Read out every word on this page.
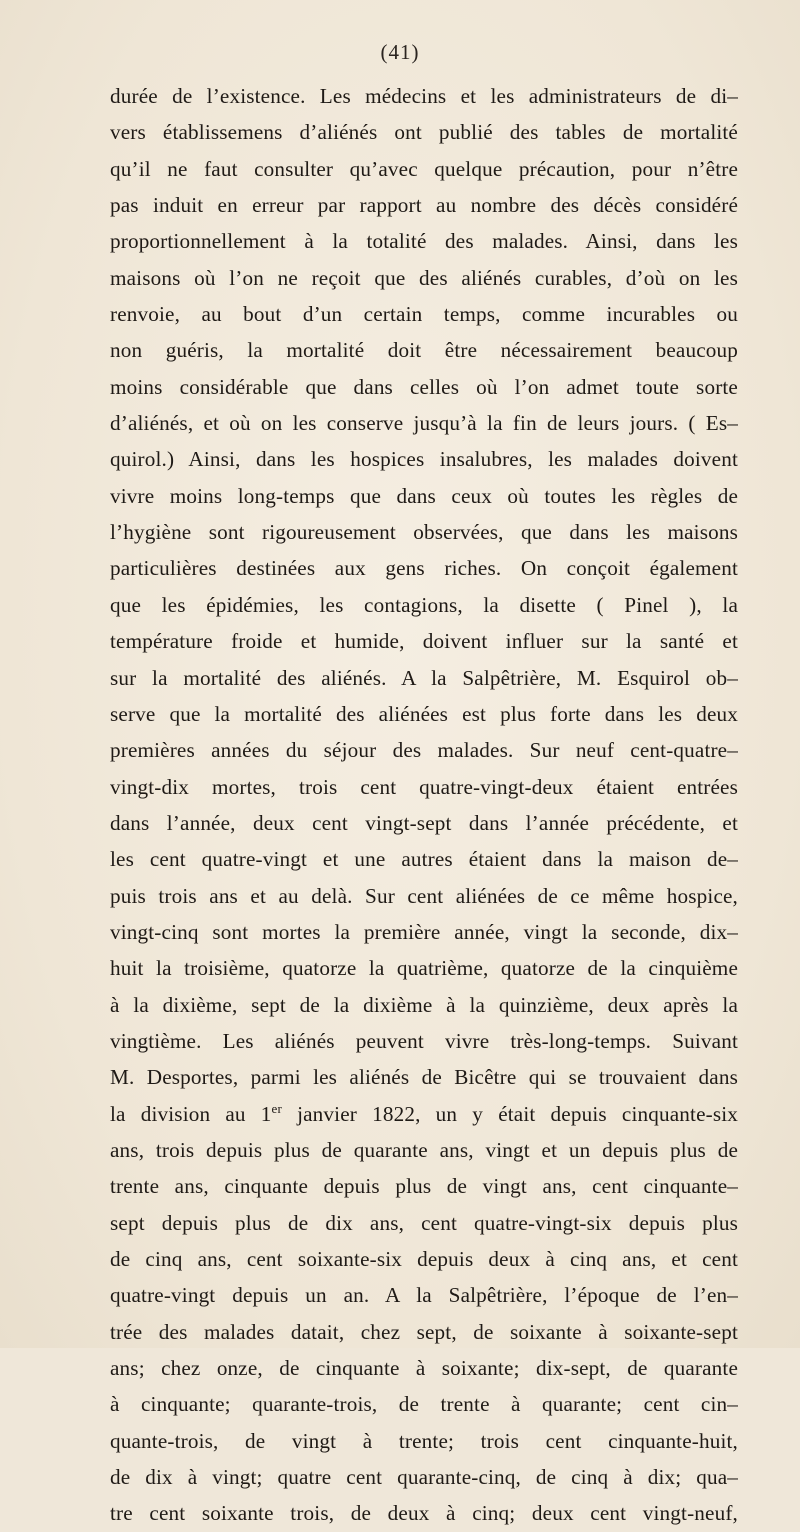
(41)
durée de l’existence. Les médecins et les administrateurs de di–
vers établissemens d’aliénés ont publié des tables de mortalité
qu’il ne faut consulter qu’avec quelque précaution, pour n’être
pas induit en erreur par rapport au nombre des décès considéré
proportionnellement à la totalité des malades. Ainsi, dans les
maisons où l’on ne reçoit que des aliénés curables, d’où on les
renvoie, au bout d’un certain temps, comme incurables ou
non guéris, la mortalité doit être nécessairement beaucoup
moins considérable que dans celles où l’on admet toute sorte
d’aliénés, et où on les conserve jusqu’à la fin de leurs jours. ( Es–
quirol.) Ainsi, dans les hospices insalubres, les malades doivent
vivre moins long-temps que dans ceux où toutes les règles de
l’hygiène sont rigoureusement observées, que dans les maisons
particulières destinées aux gens riches. On conçoit également
que les épidémies, les contagions, la disette ( Pinel ), la
température froide et humide, doivent influer sur la santé et
sur la mortalité des aliénés. A la Salpêtrière, M. Esquirol ob–
serve que la mortalité des aliénées est plus forte dans les deux
premières années du séjour des malades. Sur neuf cent-quatre–
vingt-dix mortes, trois cent quatre-vingt-deux étaient entrées
dans l’année, deux cent vingt-sept dans l’année précédente, et
les cent quatre-vingt et une autres étaient dans la maison de–
puis trois ans et au delà. Sur cent aliénées de ce même hospice,
vingt-cinq sont mortes la première année, vingt la seconde, dix–
huit la troisième, quatorze la quatrième, quatorze de la cinquième
à la dixième, sept de la dixième à la quinzième, deux après la
vingtième. Les aliénés peuvent vivre très-long-temps. Suivant
M. Desportes, parmi les aliénés de Bicêtre qui se trouvaient dans
la division au 1er janvier 1822, un y était depuis cinquante-six
ans, trois depuis plus de quarante ans, vingt et un depuis plus de
trente ans, cinquante depuis plus de vingt ans, cent cinquante–
sept depuis plus de dix ans, cent quatre-vingt-six depuis plus
de cinq ans, cent soixante-six depuis deux à cinq ans, et cent
quatre-vingt depuis un an. A la Salpêtrière, l’époque de l’en–
trée des malades datait, chez sept, de soixante à soixante-sept
ans; chez onze, de cinquante à soixante; dix-sept, de quarante
à cinquante; quarante-trois, de trente à quarante; cent cin–
quante-trois, de vingt à trente; trois cent cinquante-huit,
de dix à vingt; quatre cent quarante-cinq, de cinq à dix; qua–
tre cent soixante trois, de deux à cinq; deux cent vingt-neuf,
